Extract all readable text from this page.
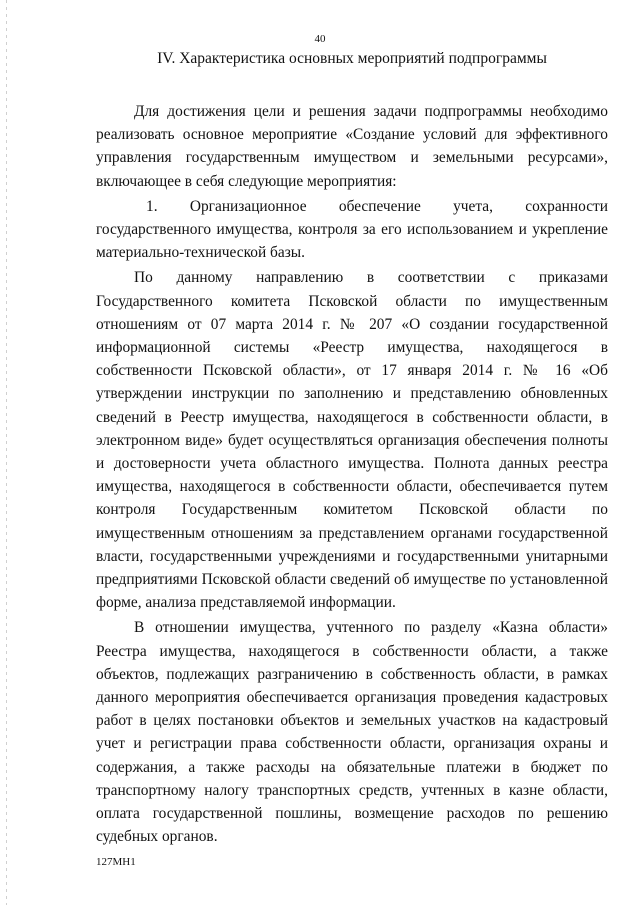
40
IV. Характеристика основных мероприятий подпрограммы

Для достижения цели и решения задачи подпрограммы необходимо реализовать основное мероприятие «Создание условий для эффективного управления государственным имуществом и земельными ресурсами», включающее в себя следующие мероприятия:

1. Организационное обеспечение учета, сохранности государственного имущества, контроля за его использованием и укрепление материально-технической базы.

По данному направлению в соответствии с приказами Государственного комитета Псковской области по имущественным отношениям от 07 марта 2014 г. № 207 «О создании государственной информационной системы «Реестр имущества, находящегося в собственности Псковской области», от 17 января 2014 г. № 16 «Об утверждении инструкции по заполнению и представлению обновленных сведений в Реестр имущества, находящегося в собственности области, в электронном виде» будет осуществляться организация обеспечения полноты и достоверности учета областного имущества. Полнота данных реестра имущества, находящегося в собственности области, обеспечивается путем контроля Государственным комитетом Псковской области по имущественным отношениям за представлением органами государственной власти, государственными учреждениями и государственными унитарными предприятиями Псковской области сведений об имуществе по установленной форме, анализа представляемой информации.

В отношении имущества, учтенного по разделу «Казна области» Реестра имущества, находящегося в собственности области, а также объектов, подлежащих разграничению в собственность области, в рамках данного мероприятия обеспечивается организация проведения кадастровых работ в целях постановки объектов и земельных участков на кадастровый учет и регистрации права собственности области, организация охраны и содержания, а также расходы на обязательные платежи в бюджет по транспортному налогу транспортных средств, учтенных в казне области, оплата государственной пошлины, возмещение расходов по решению судебных органов.

127МН1
